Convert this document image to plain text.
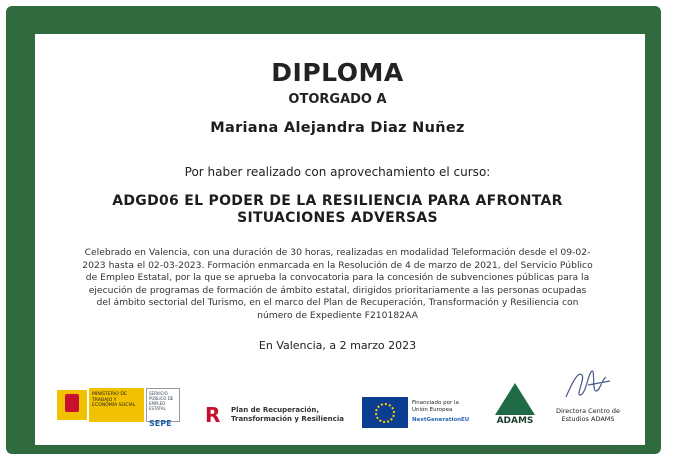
DIPLOMA
OTORGADO A
Mariana Alejandra Diaz Nuñez
Por haber realizado con aprovechamiento el curso:
ADGD06 EL PODER DE LA RESILIENCIA PARA AFRONTAR
SITUACIONES ADVERSAS
Celebrado en Valencia, con una duración de 30 horas, realizadas en modalidad Teleformación desde el 09-02-2023 hasta el 02-03-2023. Formación enmarcada en la Resolución de 4 de marzo de 2021, del Servicio Público de Empleo Estatal, por la que se aprueba la convocatoria para la concesión de subvenciones públicas para la ejecución de programas de formación de ámbito estatal, dirigidos prioritariamente a las personas ocupadas del ámbito sectorial del Turismo, en el marco del Plan de Recuperación, Transformación y Resiliencia con número de Expediente F210182AA
En Valencia, a 2 marzo 2023
MINISTERIO DE TRABAJO Y ECONOMÍA SOCIAL
SERVICIO PÚBLICO DE EMPLEO ESTATAL
SEPE R	Plan de Recuperación,
Transformación y Resiliencia
Financiado por la
Unión Europea
NextGenerationEU	ADAMS
Directora Centro de
Estudios ADAMS
https://www.formacion.cc/cv/ 72569764DAD62264D89 235967
